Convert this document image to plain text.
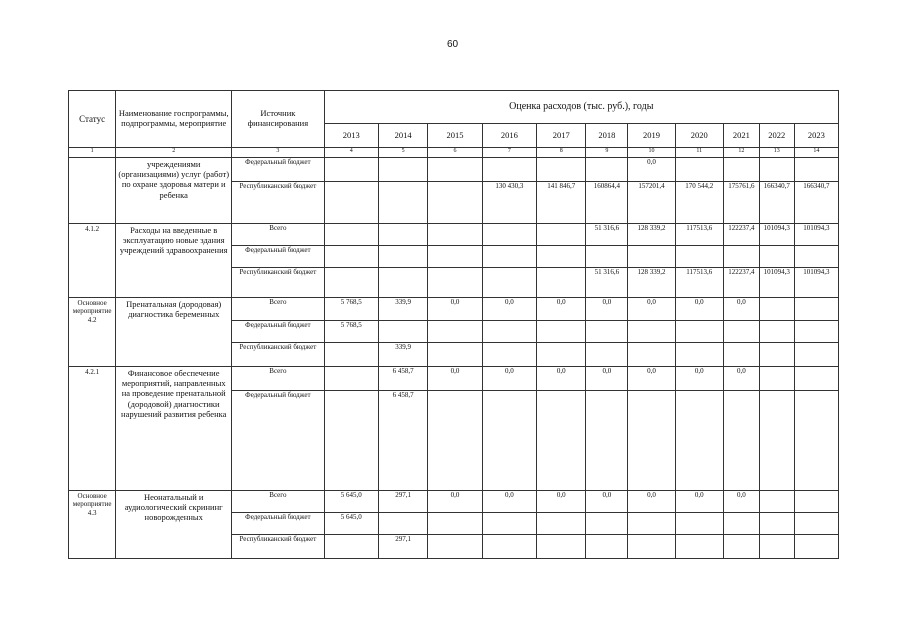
60
Статус	Наименование госпрограммы, подпрограммы, мероприятие	Источник финансирования	Оценка расходов (тыс. руб.), годы										
			2013	2014	2015	2016	2017	2018	2019	2020	2021	2022	2023
1	2	3	4	5	6	7	8	9	10	11	12	13	14
	учреждениями (организациями) услуг (работ) по охране здоровья матери и ребенка	Федеральный бюджет							0,0				
		Республиканский бюджет				130 430,3	141 846,7	160864,4	157201,4	170 544,2	175761,6	166340,7	166340,7
4.1.2	Расходы на введенные в эксплуатацию новые здания учреждений здравоохранения	Всего						51 316,6	128 339,2	117513,6	122237,4	101094,3	101094,3
		Федеральный бюджет											
		Республиканский бюджет						51 316,6	128 339,2	117513,6	122237,4	101094,3	101094,3
Основное мероприятие 4.2	Пренатальная (дородовая) диагностика беременных	Всего	5 768,5	339,9	0,0	0,0	0,0	0,0	0,0	0,0	0,0		
		Федеральный бюджет	5 768,5										
		Республиканский бюджет		339,9									
4.2.1	Финансовое обеспечение мероприятий, направленных на проведение пренатальной (дородовой) диагностики нарушений развития ребенка	Всего		6 458,7	0,0	0,0	0,0	0,0	0,0	0,0	0,0		
		Федеральный бюджет		6 458,7									
Основное мероприятие 4.3	Неонатальный и аудиологический скрининг новорожденных	Всего	5 645,0	297,1	0,0	0,0	0,0	0,0	0,0	0,0	0,0		
		Федеральный бюджет	5 645,0										
		Республиканский бюджет		297,1									
